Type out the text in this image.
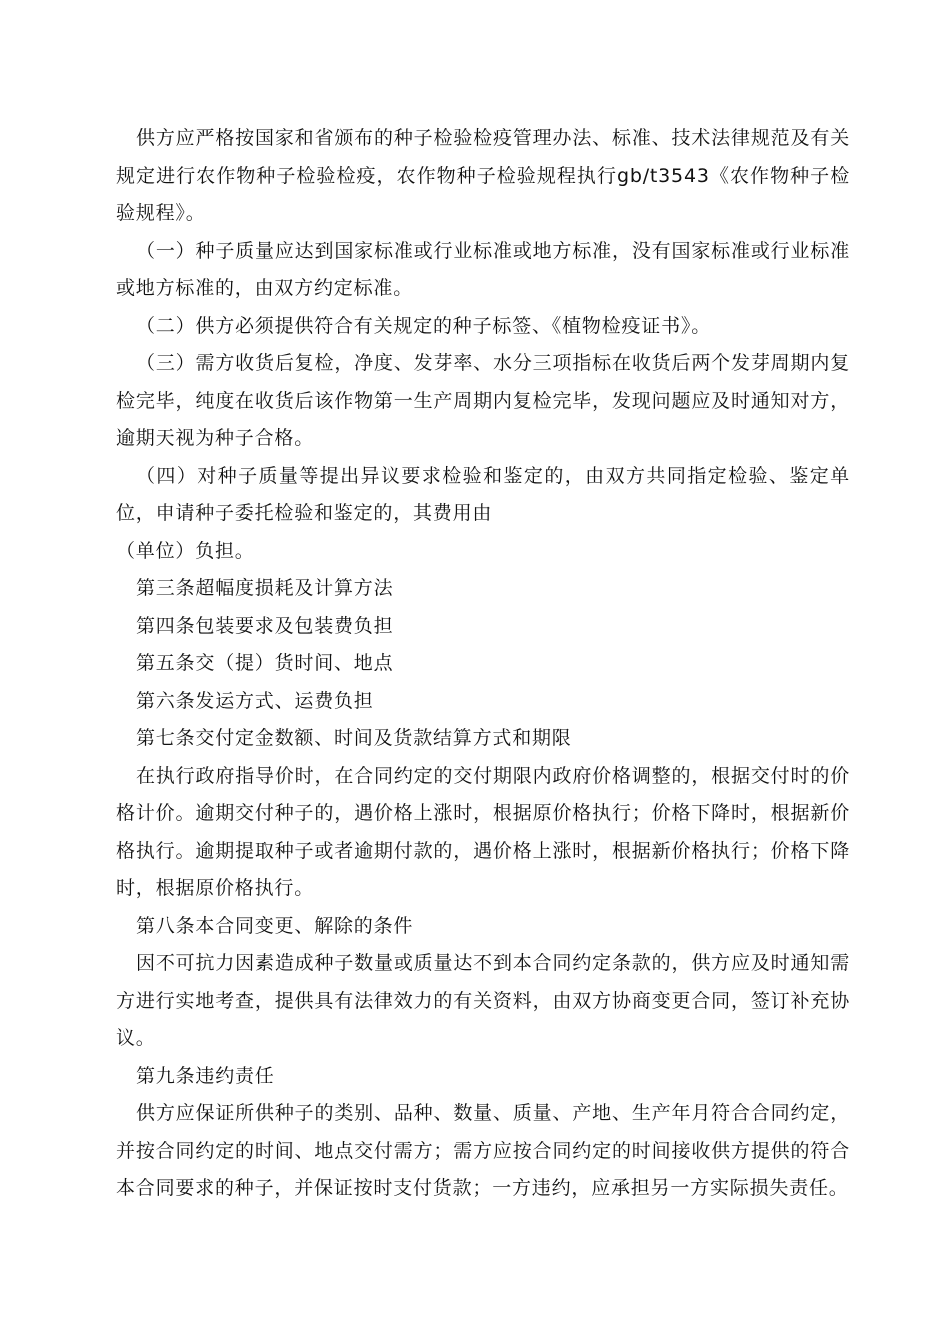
供方应严格按国家和省颁布的种子检验检疫管理办法、标准、技术法律规范及有关规定进行农作物种子检验检疫，农作物种子检验规程执行gb/t3543《农作物种子检验规程》。

（一）种子质量应达到国家标准或行业标准或地方标准，没有国家标准或行业标准或地方标准的，由双方约定标准。

（二）供方必须提供符合有关规定的种子标签、《植物检疫证书》。

（三）需方收货后复检，净度、发芽率、水分三项指标在收货后两个发芽周期内复检完毕，纯度在收货后该作物第一生产周期内复检完毕，发现问题应及时通知对方，逾期天视为种子合格。

（四）对种子质量等提出异议要求检验和鉴定的，由双方共同指定检验、鉴定单位，申请种子委托检验和鉴定的，其费用由

（单位）负担。

第三条超幅度损耗及计算方法

第四条包装要求及包装费负担

第五条交（提）货时间、地点

第六条发运方式、运费负担

第七条交付定金数额、时间及货款结算方式和期限

在执行政府指导价时，在合同约定的交付期限内政府价格调整的，根据交付时的价格计价。逾期交付种子的，遇价格上涨时，根据原价格执行；价格下降时，根据新价格执行。逾期提取种子或者逾期付款的，遇价格上涨时，根据新价格执行；价格下降时，根据原价格执行。

第八条本合同变更、解除的条件

因不可抗力因素造成种子数量或质量达不到本合同约定条款的，供方应及时通知需方进行实地考查，提供具有法律效力的有关资料，由双方协商变更合同，签订补充协议。

第九条违约责任

供方应保证所供种子的类别、品种、数量、质量、产地、生产年月符合合同约定，并按合同约定的时间、地点交付需方；需方应按合同约定的时间接收供方提供的符合本合同要求的种子，并保证按时支付货款；一方违约，应承担另一方实际损失责任。
